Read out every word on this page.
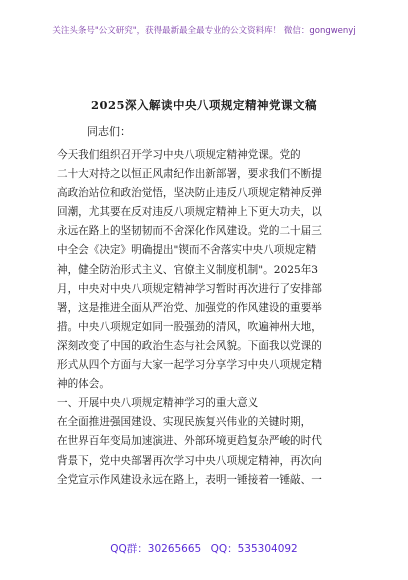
关注头条号"公文研究"，获得最新最全最专业的公文资料库！ 微信：gongwenyj
2025深入解读中央八项规定精神党课文稿
同志们：
今天我们组织召开学习中央八项规定精神党课。党的
二十大对持之以恒正风肃纪作出新部署，要求我们不断提
高政治站位和政治觉悟，坚决防止违反八项规定精神反弹
回潮，尤其要在反对违反八项规定精神上下更大功夫，以
永远在路上的坚韧韧而不舍深化作风建设。党的二十届三
中全会《决定》明确提出"锲而不舍落实中央八项规定精
神，健全防治形式主义、官僚主义制度机制"。2025年3
月，中央对中央八项规定精神学习暂时再次进行了安排部
署，这是推进全面从严治党、加强党的作风建设的重要举
措。中央八项规定如同一股强劲的清风，吹遍神州大地，
深刻改变了中国的政治生态与社会风貌。下面我以党课的
形式从四个方面与大家一起学习分享学习中央八项规定精
神的体会。
一、开展中央八项规定精神学习的重大意义
在全面推进强国建设、实现民族复兴伟业的关键时期，
在世界百年变局加速演进、外部环境更趋复杂严峻的时代
背景下，党中央部署再次学习中央八项规定精神，再次向
全党宣示作风建设永远在路上，表明一锤接着一锤敲、一
QQ群：30265665 QQ：535304092
